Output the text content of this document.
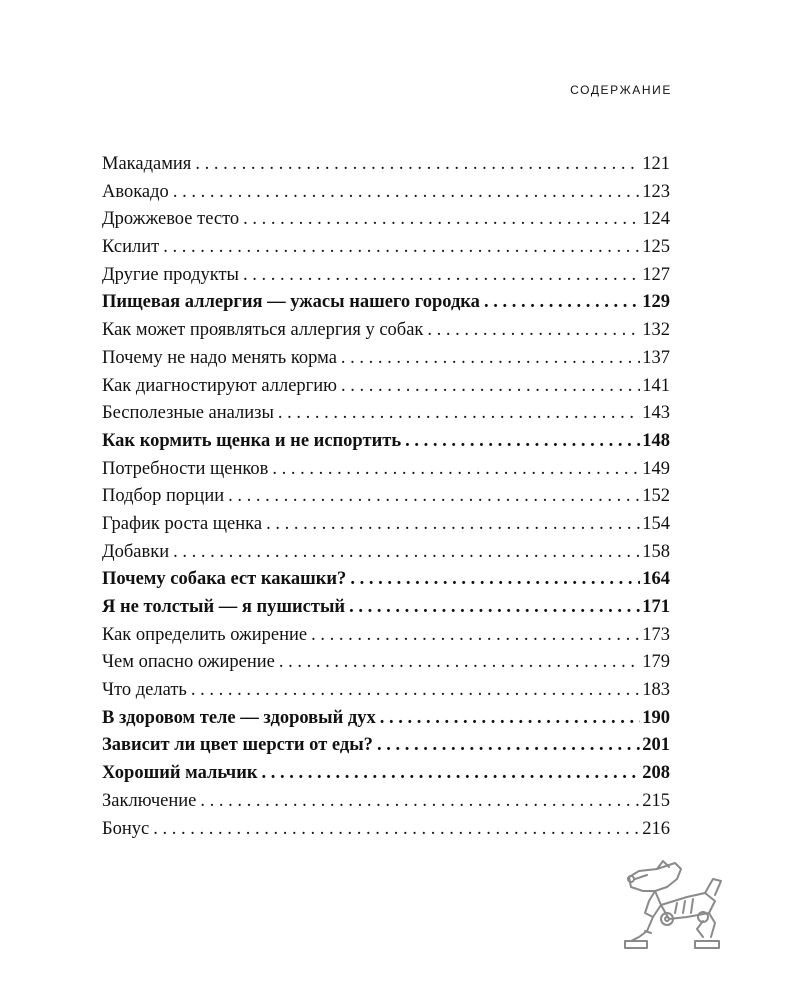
СОДЕРЖАНИЕ
Макадамия . . .	121
Авокадо . . .	123
Дрожжевое тесто . . .	124
Ксилит . . .	125
Другие продукты . . .	127
Пищевая аллергия — ужасы нашего городка . . .	129
Как может проявляться аллергия у собак . . .	132
Почему не надо менять корма . . .	137
Как диагностируют аллергию . . .	141
Бесполезные анализы . . .	143
Как кормить щенка и не испортить . . .	148
Потребности щенков . . .	149
Подбор порции . . .	152
График роста щенка . . .	154
Добавки . . .	158
Почему собака ест какашки? . . .	164
Я не толстый — я пушистый . . .	171
Как определить ожирение . . .	173
Чем опасно ожирение . . .	179
Что делать . . .	183
В здоровом теле — здоровый дух . . .	190
Зависит ли цвет шерсти от еды? . . .	201
Хороший мальчик . . .	208
Заключение . . .	215
Бонус . . .	216
